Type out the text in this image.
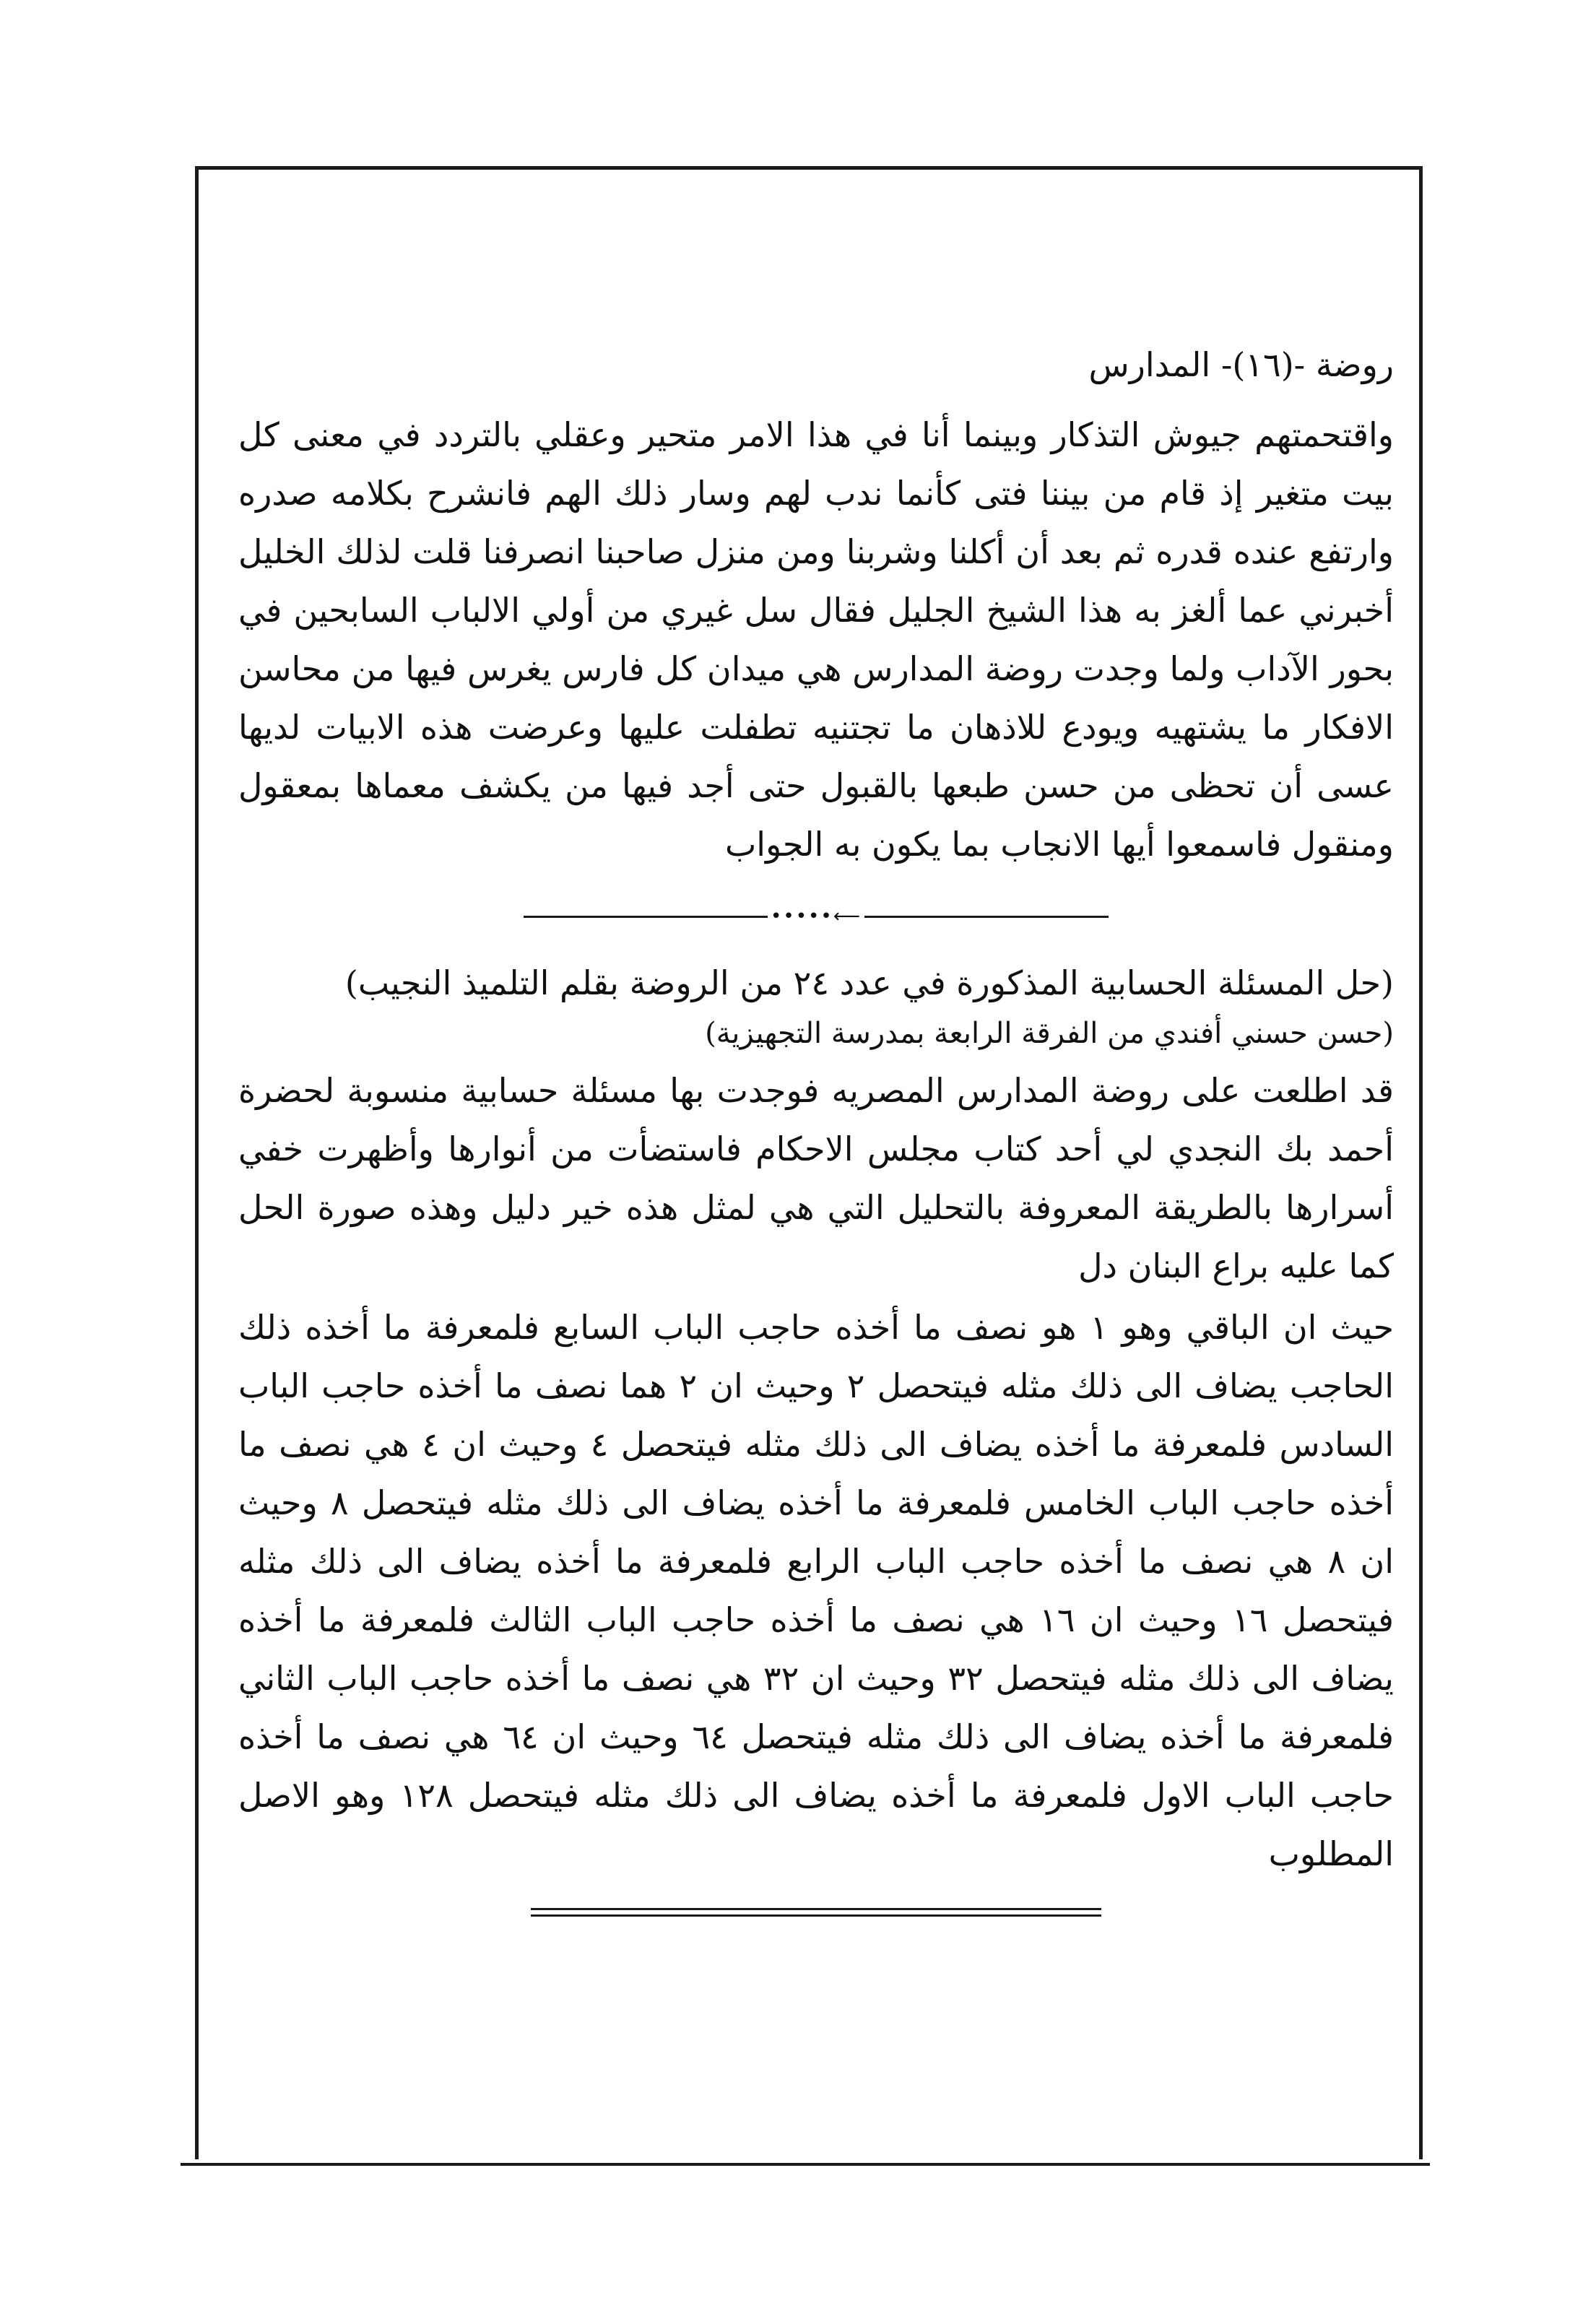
روضة -(١٦)- المدارس

واقتحمتهم جيوش التذكار وبينما أنا في هذا الامر متحير وعقلي بالتردد في معنى كل بيت متغير إذ قام من بيننا فتى كأنما ندب لهم وسار ذلك الهم فانشرح بكلامه صدره وارتفع عنده قدره ثم بعد أن أكلنا وشربنا ومن منزل صاحبنا انصرفنا قلت لذلك الخليل أخبرني عما ألغز به هذا الشيخ الجليل فقال سل غيري من أولي الالباب السابحين في بحور الآداب ولما وجدت روضة المدارس هي ميدان كل فارس يغرس فيها من محاسن الافكار ما يشتهيه ويودع للاذهان ما تجتنيه تطفلت عليها وعرضت هذه الابيات لديها عسى أن تحظى من حسن طبعها بالقبول حتى أجد فيها من يكشف معماها بمعقول ومنقول فاسمعوا أيها الانجاب بما يكون به الجواب

⟵•••••
(حل المسئلة الحسابية المذكورة في عدد ٢٤ من الروضة بقلم التلميذ النجيب)
(حسن حسني أفندي من الفرقة الرابعة بمدرسة التجهيزية)

قد اطلعت على روضة المدارس المصريه فوجدت بها مسئلة حسابية منسوبة لحضرة أحمد بك النجدي لي أحد كتاب مجلس الاحكام فاستضأت من أنوارها وأظهرت خفي أسرارها بالطريقة المعروفة بالتحليل التي هي لمثل هذه خير دليل وهذه صورة الحل كما عليه براع البنان دل

حيث ان الباقي وهو ١ هو نصف ما أخذه حاجب الباب السابع فلمعرفة ما أخذه ذلك الحاجب يضاف الى ذلك مثله فيتحصل ٢ وحيث ان ٢ هما نصف ما أخذه حاجب الباب السادس فلمعرفة ما أخذه يضاف الى ذلك مثله فيتحصل ٤ وحيث ان ٤ هي نصف ما أخذه حاجب الباب الخامس فلمعرفة ما أخذه يضاف الى ذلك مثله فيتحصل ٨ وحيث ان ٨ هي نصف ما أخذه حاجب الباب الرابع فلمعرفة ما أخذه يضاف الى ذلك مثله فيتحصل ١٦ وحيث ان ١٦ هي نصف ما أخذه حاجب الباب الثالث فلمعرفة ما أخذه يضاف الى ذلك مثله فيتحصل ٣٢ وحيث ان ٣٢ هي نصف ما أخذه حاجب الباب الثاني فلمعرفة ما أخذه يضاف الى ذلك مثله فيتحصل ٦٤ وحيث ان ٦٤ هي نصف ما أخذه حاجب الباب الاول فلمعرفة ما أخذه يضاف الى ذلك مثله فيتحصل ١٢٨ وهو الاصل المطلوب
